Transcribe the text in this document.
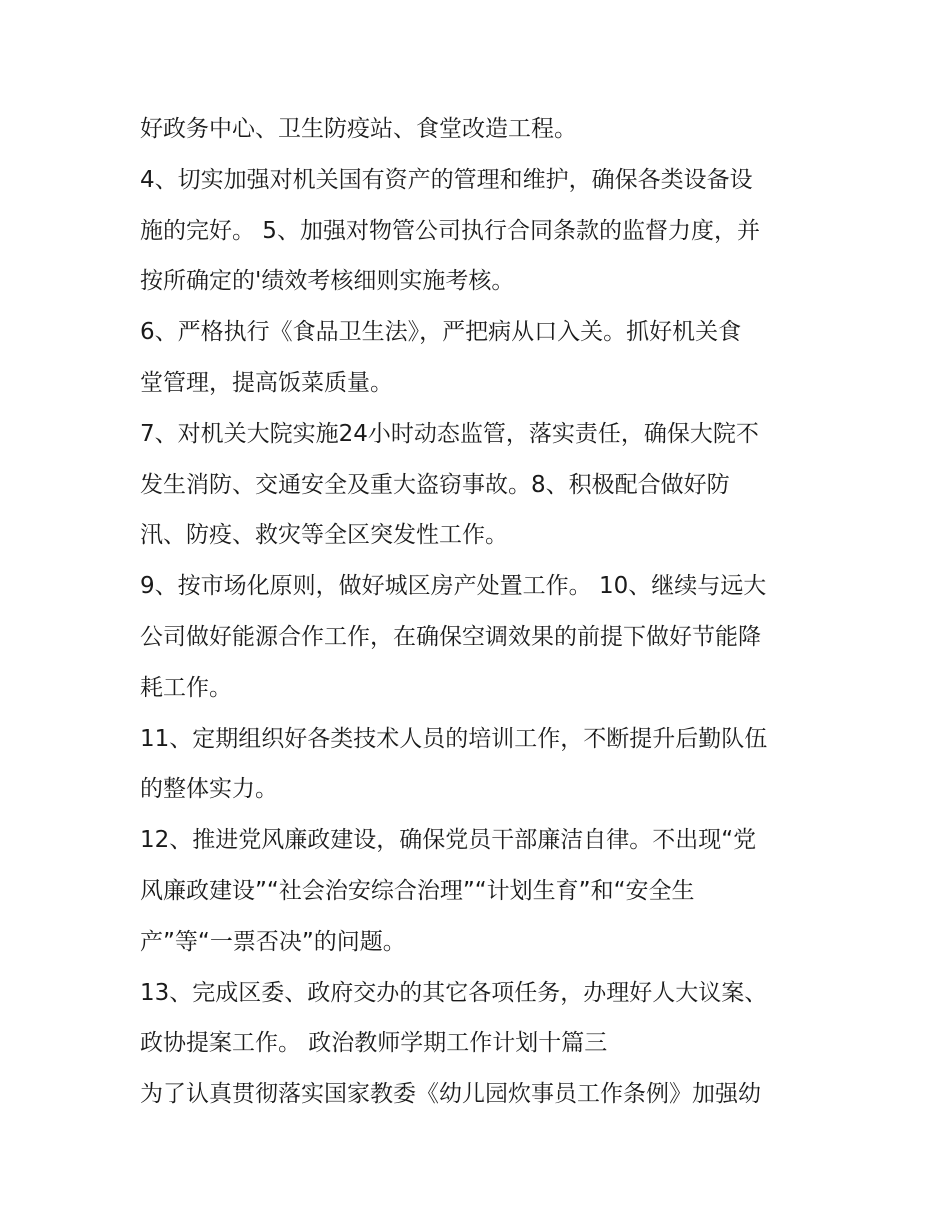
好政务中心、卫生防疫站、食堂改造工程。
4、切实加强对机关国有资产的管理和维护，确保各类设备设
施的完好。 5、加强对物管公司执行合同条款的监督力度，并
按所确定的'绩效考核细则实施考核。
6、严格执行《食品卫生法》，严把病从口入关。抓好机关食
堂管理，提高饭菜质量。
7、对机关大院实施24小时动态监管，落实责任，确保大院不
发生消防、交通安全及重大盗窃事故。8、积极配合做好防
汛、防疫、救灾等全区突发性工作。
9、按市场化原则，做好城区房产处置工作。 10、继续与远大
公司做好能源合作工作，在确保空调效果的前提下做好节能降
耗工作。
11、定期组织好各类技术人员的培训工作，不断提升后勤队伍
的整体实力。
12、推进党风廉政建设，确保党员干部廉洁自律。不出现“党
风廉政建设”“社会治安综合治理”“计划生育”和“安全生
产”等“一票否决”的问题。
13、完成区委、政府交办的其它各项任务，办理好人大议案、
政协提案工作。 政治教师学期工作计划十篇三
为了认真贯彻落实国家教委《幼儿园炊事员工作条例》加强幼
